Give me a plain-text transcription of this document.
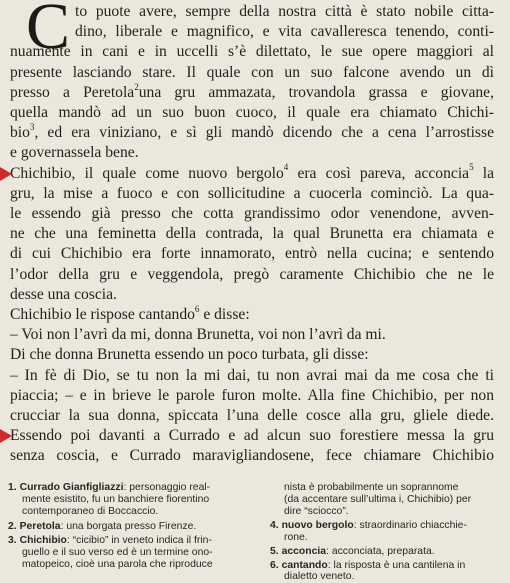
C to puote avere, sempre della nostra città è stato nobile citta-
dino, liberale e magnifico, e vita cavalleresca tenendo, conti-
nuamente in cani e in uccelli s’è dilettato, le sue opere maggiori al
presente lasciando stare. Il quale con un suo falcone avendo un dì
presso a Peretola$^2$una gru ammazata, trovandola grassa e giovane,
quella mandò ad un suo buon cuoco, il quale era chiamato Chichi-
bio$^3$, ed era viniziano, e sì gli mandò dicendo che a cena l’arrostisse
e governassela bene.
Chichibio, il quale come nuovo bergolo$^4$ era così pareva, acconcia$^5$ la
gru, la mise a fuoco e con sollicitudine a cuocerla cominciò. La qua-
le essendo già presso che cotta grandissimo odor venendone, avven-
ne che una feminetta della contrada, la qual Brunetta era chiamata e
di cui Chichibio era forte innamorato, entrò nella cucina; e sentendo
l’odor della gru e veggendola, pregò caramente Chichibio che ne le
desse una coscia.
Chichibio le rispose cantando$^6$ e disse:
– Voi non l’avrì da mi, donna Brunetta, voi non l’avrì da mi.
Di che donna Brunetta essendo un poco turbata, gli disse:
– In fè di Dio, se tu non la mi dai, tu non avrai mai da me cosa che ti
piaccia; – e in brieve le parole furon molte. Alla fine Chichibio, per non
crucciar la sua donna, spiccata l’una delle cosce alla gru, gliele diede.
Essendo poi davanti a Currado e ad alcun suo forestiere messa la gru
senza coscia, e Currado maravigliandosene, fece chiamare Chichibio
1. Currado Gianfigliazzi: personaggio real-
mente esistito, fu un banchiere fiorentino
contemporaneo di Boccaccio.
2. Peretola: una borgata presso Firenze.
3. Chichibio: “cicibio” in veneto indica il frin-
guello e il suo verso ed è un termine ono-
matopeico, cioè una parola che riproduce
nista è probabilmente un soprannome
(da accentare sull’ultima i, Chichibio) per
dire “sciocco”.
4. nuovo bergolo: straordinario chiacchie-
rone.
5. acconcia: acconciata, preparata.
6. cantando: la risposta è una cantilena in
dialetto veneto.
